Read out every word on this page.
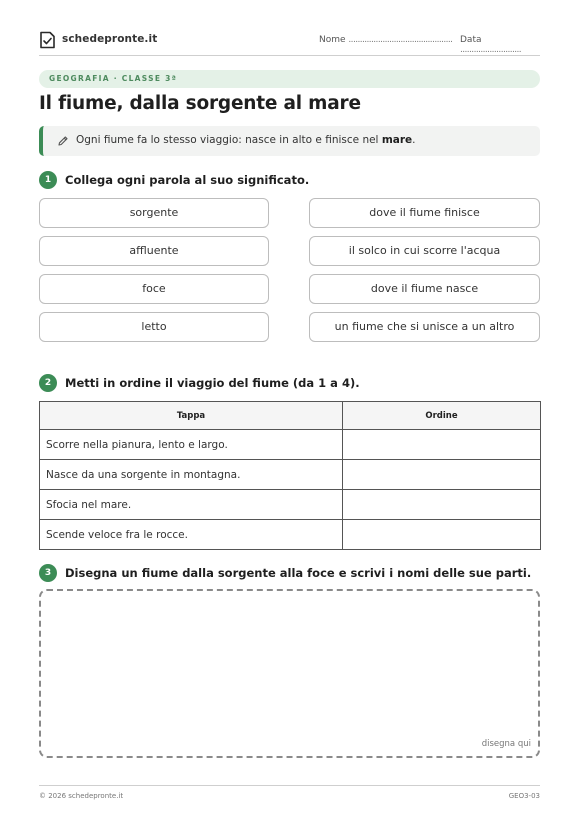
schedepronte.it	Nome .............................................. Data ...........................
GEOGRAFIA · CLASSE 3ª
Il fiume, dalla sorgente al mare
Ogni fiume fa lo stesso viaggio: nasce in alto e finisce nel mare.
1	Collega ogni parola al suo significato.
sorgente
affluente
foce
letto
dove il fiume finisce
il solco in cui scorre l'acqua
dove il fiume nasce
un fiume che si unisce a un altro
2	Metti in ordine il viaggio del fiume (da 1 a 4).
Tappa	Ordine
Scorre nella pianura, lento e largo.	
Nasce da una sorgente in montagna.	
Sfocia nel mare.	
Scende veloce fra le rocce.	
3	Disegna un fiume dalla sorgente alla foce e scrivi i nomi delle sue parti.
disegna qui
© 2026 schedepronte.it	GEO3-03
